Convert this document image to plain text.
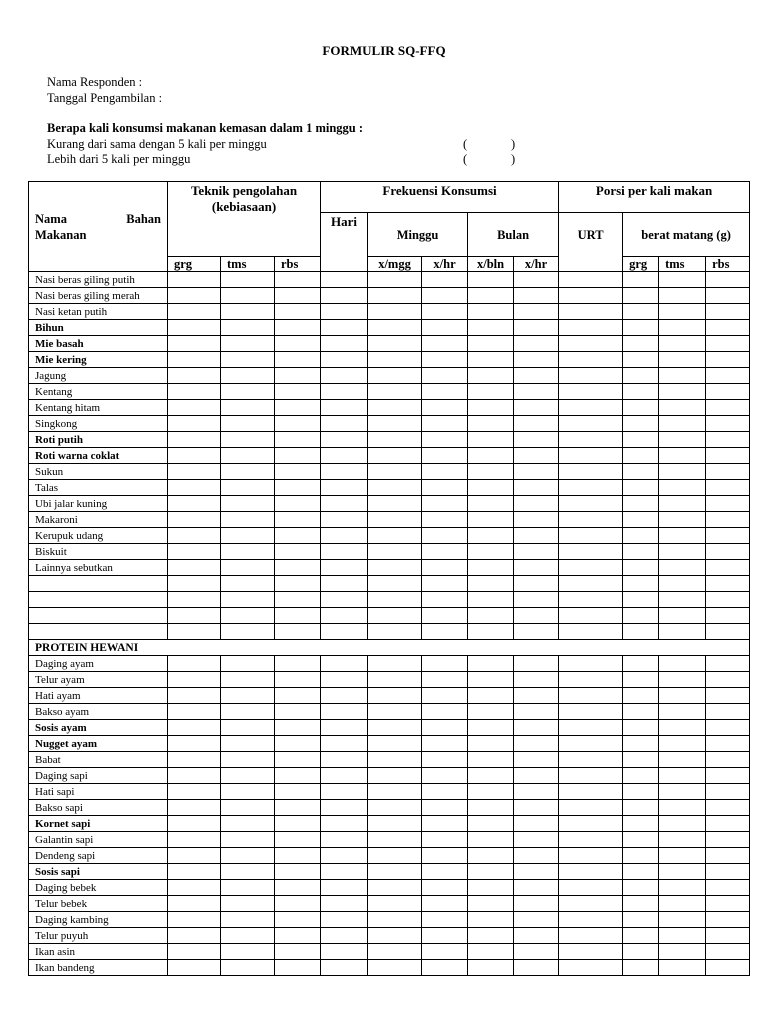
FORMULIR SQ-FFQ
Nama Responden :
Tanggal Pengambilan :
Berapa kali konsumsi makanan kemasan dalam 1 minggu :
Kurang dari sama dengan 5 kali per minggu	(	)
Lebih dari 5 kali per minggu	(	)
Nama Bahan
Makanan	Teknik pengolahan (kebiasaan)			Frekuensi Konsumsi					Porsi per kali makan			
				Hari	Minggu		Bulan		URT	berat matang (g)		
	grg	tms	rbs		x/mgg	x/hr	x/bln	x/hr		grg	tms	rbs
Nasi beras giling putih												
Nasi beras giling merah												
Nasi ketan putih												
Bihun												
Mie basah												
Mie kering												
Jagung												
Kentang												
Kentang hitam												
Singkong												
Roti putih												
Roti warna coklat												
Sukun												
Talas												
Ubi jalar kuning												
Makaroni												
Kerupuk udang												
Biskuit												
Lainnya sebutkan												

PROTEIN HEWANI												
Daging ayam												
Telur ayam												
Hati ayam												
Bakso ayam												
Sosis ayam												
Nugget ayam												
Babat												
Daging sapi												
Hati sapi												
Bakso sapi												
Kornet sapi												
Galantin sapi												
Dendeng sapi												
Sosis sapi												
Daging bebek												
Telur bebek												
Daging kambing												
Telur puyuh												
Ikan asin												
Ikan bandeng												
